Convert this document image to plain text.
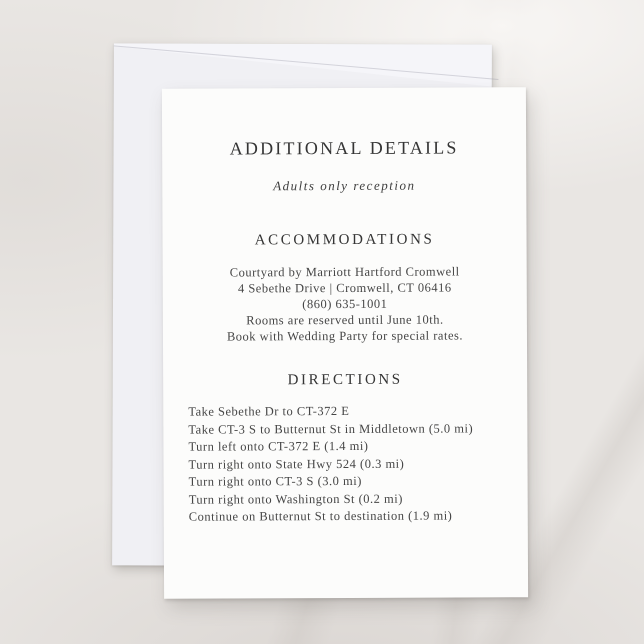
ADDITIONAL DETAILS
Adults only reception
ACCOMMODATIONS
Courtyard by Marriott Hartford Cromwell
4 Sebethe Drive | Cromwell, CT 06416
(860) 635-1001
Rooms are reserved until June 10th.
Book with Wedding Party for special rates.
DIRECTIONS
Take Sebethe Dr to CT-372 E
Take CT-3 S to Butternut St in Middletown (5.0 mi)
Turn left onto CT-372 E (1.4 mi)
Turn right onto State Hwy 524 (0.3 mi)
Turn right onto CT-3 S (3.0 mi)
Turn right onto Washington St (0.2 mi)
Continue on Butternut St to destination (1.9 mi)
